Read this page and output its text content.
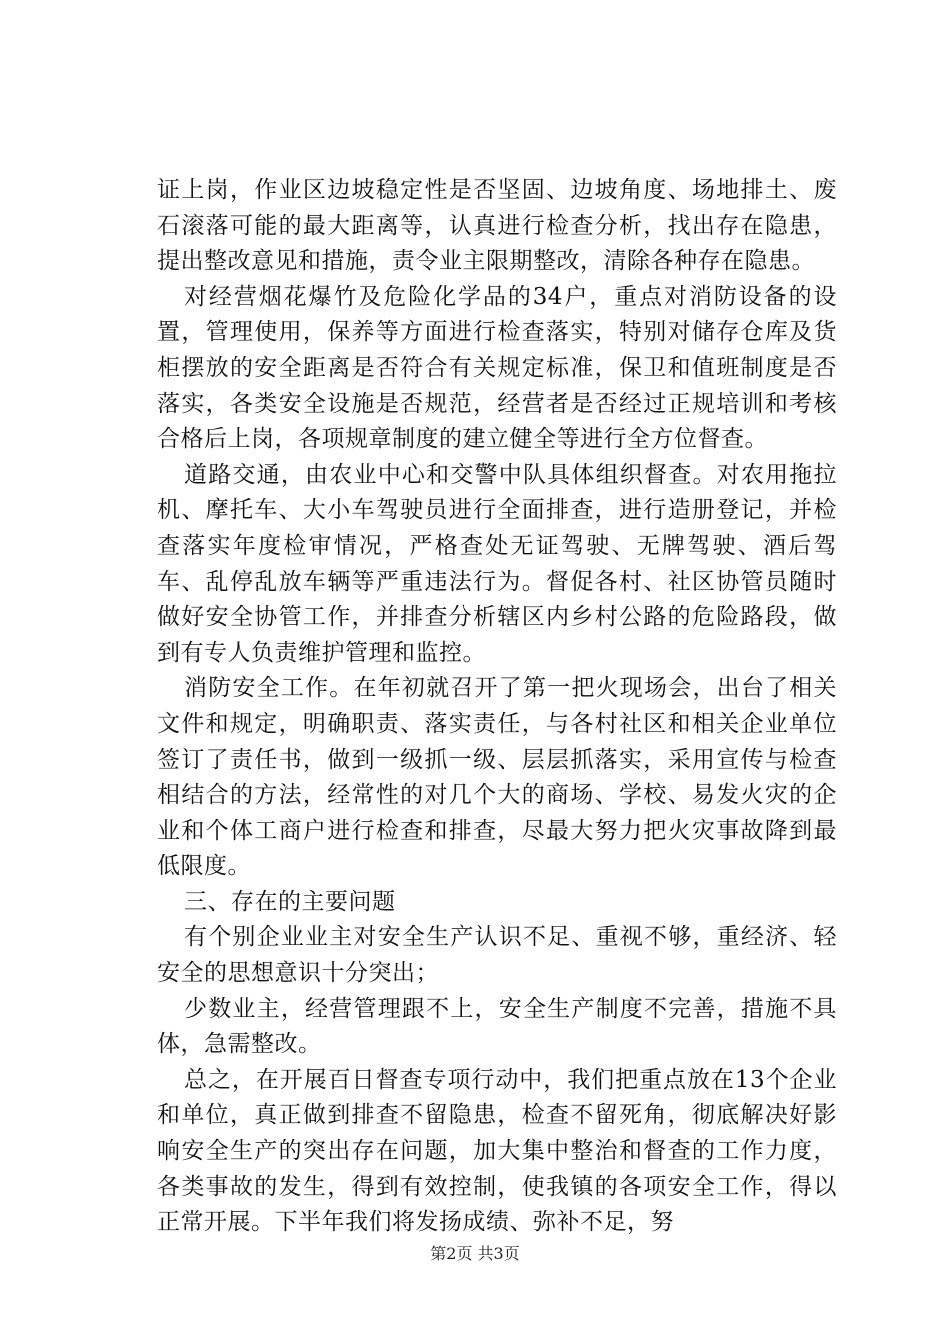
证上岗，作业区边坡稳定性是否坚固、边坡角度、场地排土、废石滚落可能的最大距离等，认真进行检查分析，找出存在隐患，提出整改意见和措施，责令业主限期整改，清除各种存在隐患。

对经营烟花爆竹及危险化学品的34户，重点对消防设备的设置，管理使用，保养等方面进行检查落实，特别对储存仓库及货柜摆放的安全距离是否符合有关规定标准，保卫和值班制度是否落实，各类安全设施是否规范，经营者是否经过正规培训和考核合格后上岗，各项规章制度的建立健全等进行全方位督查。

道路交通，由农业中心和交警中队具体组织督查。对农用拖拉机、摩托车、大小车驾驶员进行全面排查，进行造册登记，并检查落实年度检审情况，严格查处无证驾驶、无牌驾驶、酒后驾车、乱停乱放车辆等严重违法行为。督促各村、社区协管员随时做好安全协管工作，并排查分析辖区内乡村公路的危险路段，做到有专人负责维护管理和监控。

消防安全工作。在年初就召开了第一把火现场会，出台了相关文件和规定，明确职责、落实责任，与各村社区和相关企业单位签订了责任书，做到一级抓一级、层层抓落实，采用宣传与检查相结合的方法，经常性的对几个大的商场、学校、易发火灾的企业和个体工商户进行检查和排查，尽最大努力把火灾事故降到最低限度。

三、存在的主要问题

有个别企业业主对安全生产认识不足、重视不够，重经济、轻安全的思想意识十分突出；

少数业主，经营管理跟不上，安全生产制度不完善，措施不具体，急需整改。

总之，在开展百日督查专项行动中，我们把重点放在13个企业和单位，真正做到排查不留隐患，检查不留死角，彻底解决好影响安全生产的突出存在问题，加大集中整治和督查的工作力度，各类事故的发生，得到有效控制，使我镇的各项安全工作，得以正常开展。下半年我们将发扬成绩、弥补不足，努

第2页 共3页
